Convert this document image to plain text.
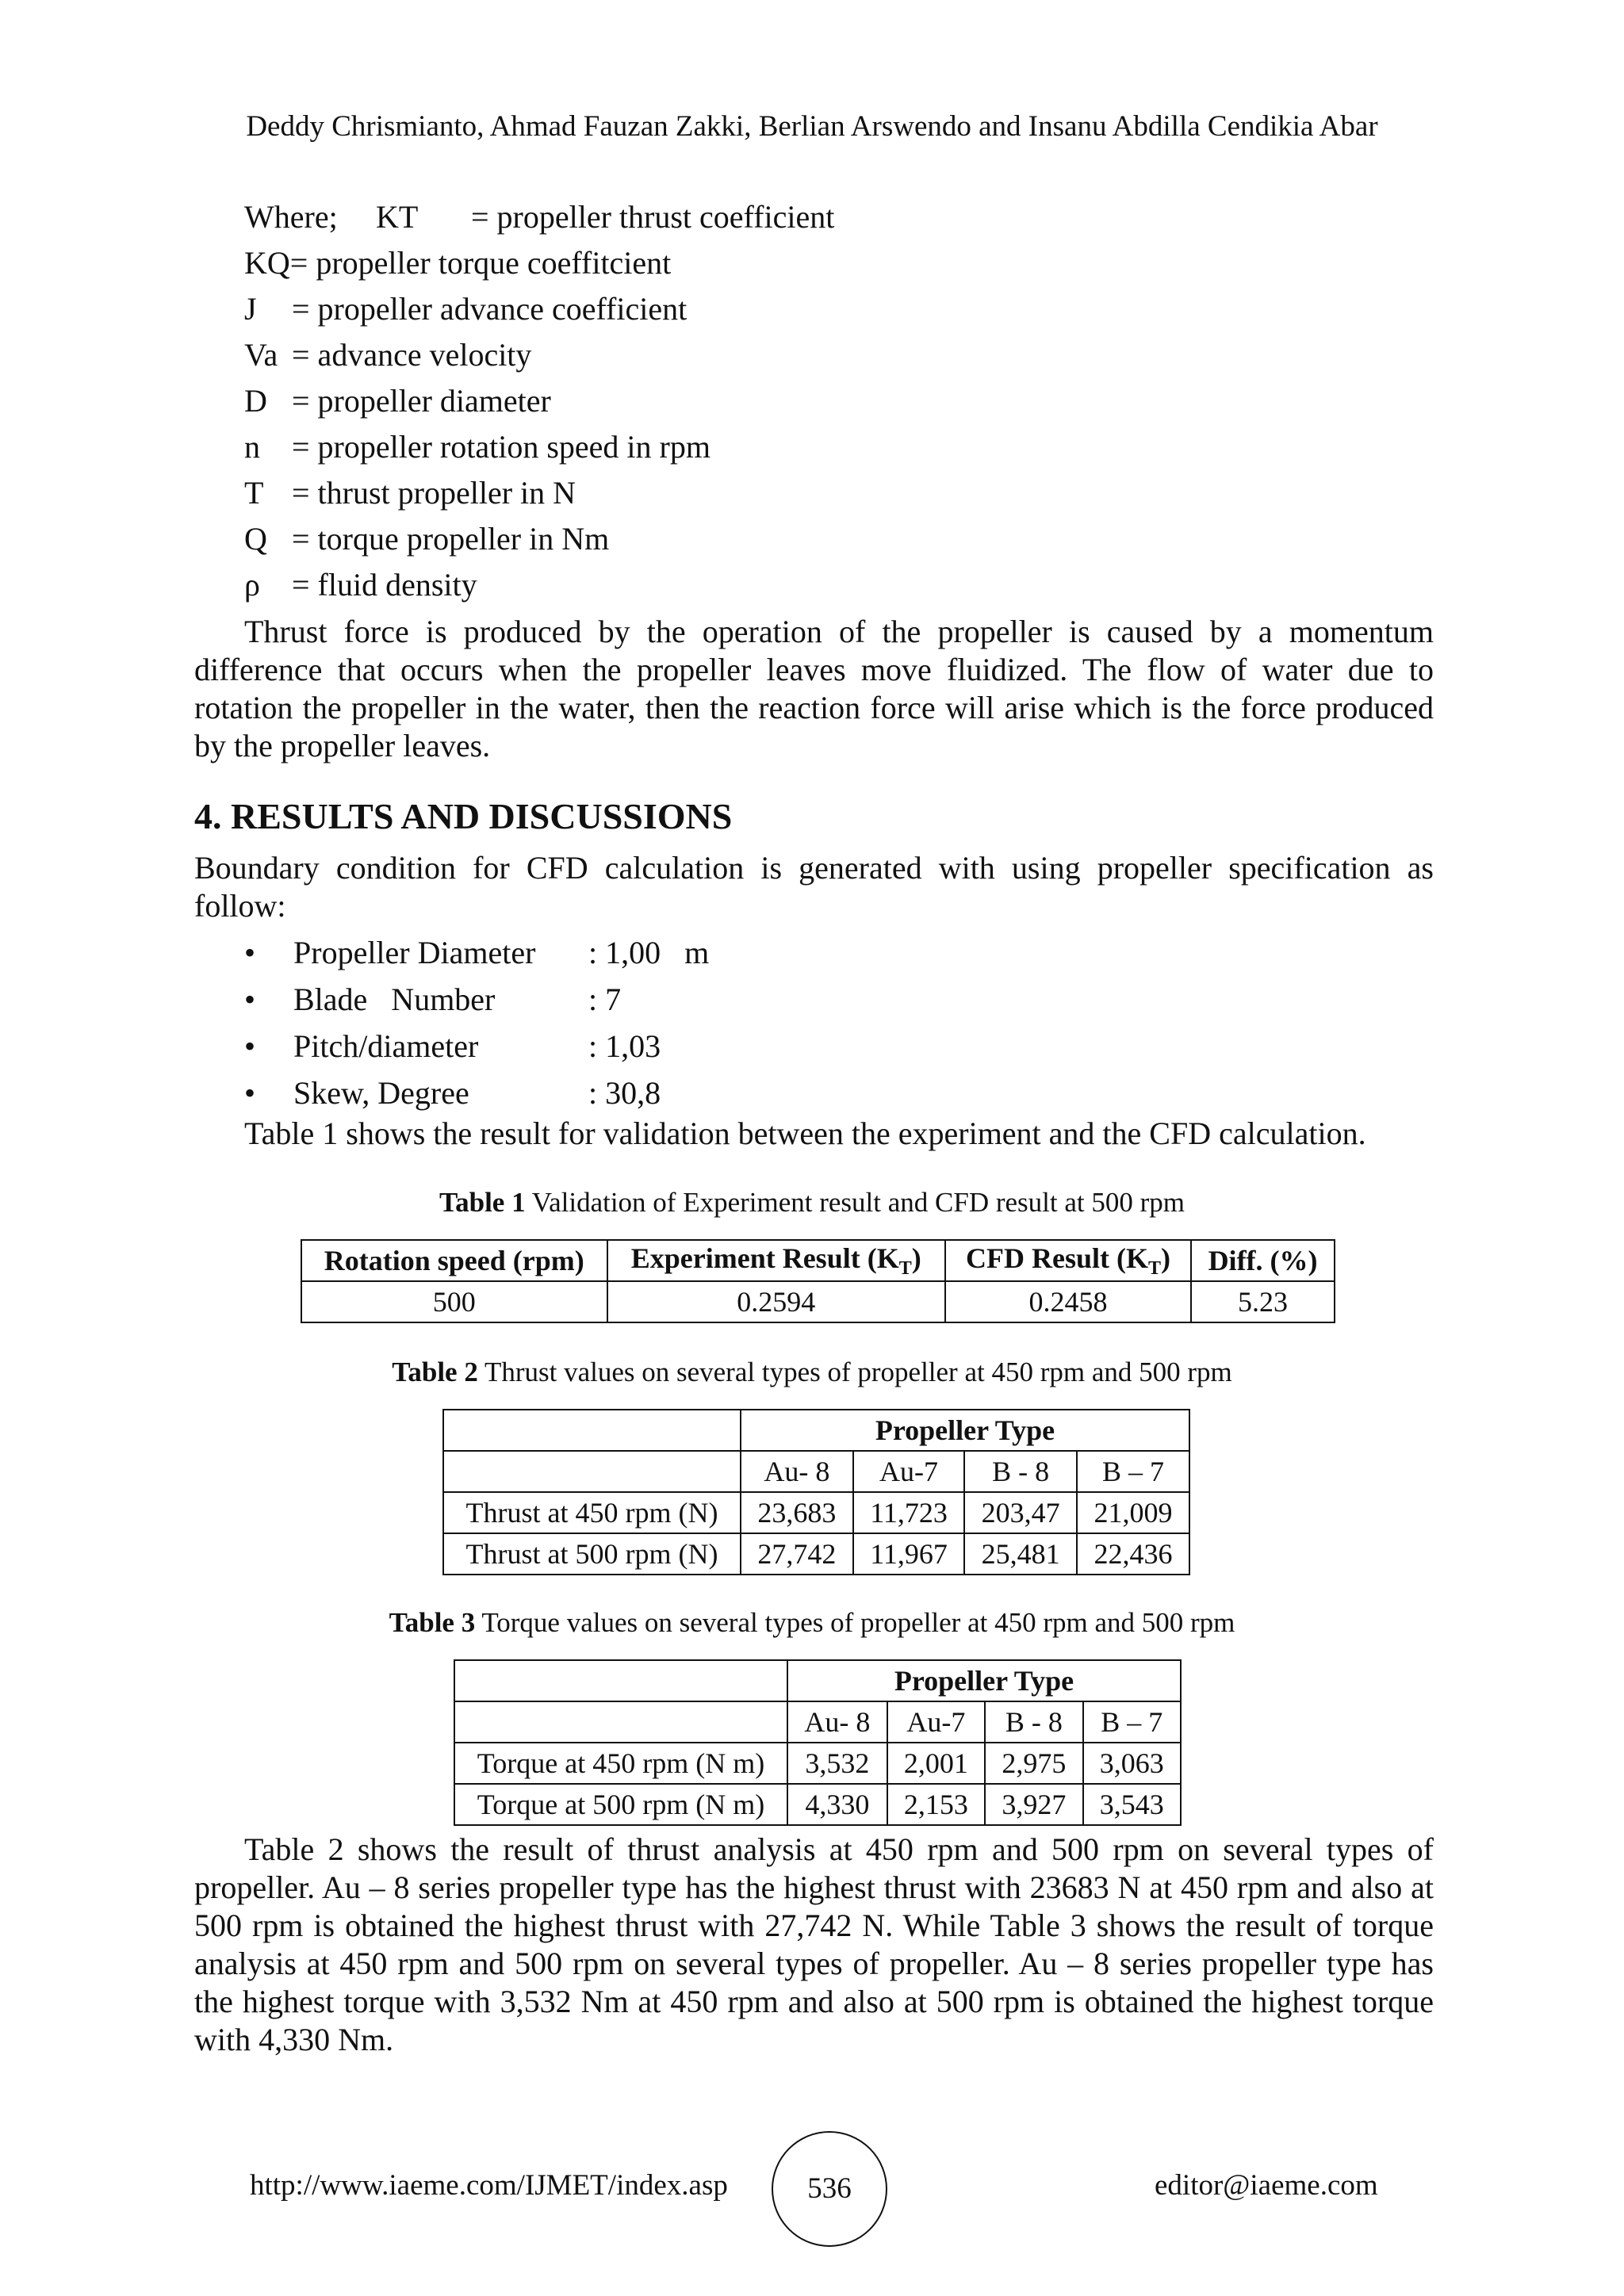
Deddy Chrismianto, Ahmad Fauzan Zakki, Berlian Arswendo and Insanu Abdilla Cendikia Abar
Where; KT = propeller thrust coefficient
KQ= propeller torque coeffitcient
J = propeller advance coefficient
Va = advance velocity
D = propeller diameter
n = propeller rotation speed in rpm
T = thrust propeller in N
Q = torque propeller in Nm
ρ = fluid density
Thrust force is produced by the operation of the propeller is caused by a momentum difference that occurs when the propeller leaves move fluidized. The flow of water due to rotation the propeller in the water, then the reaction force will arise which is the force produced by the propeller leaves.
4. RESULTS AND DISCUSSIONS
Boundary condition for CFD calculation is generated with using propeller specification as follow:
• Propeller Diameter : 1,00   m
• Blade   Number	: 7
• Pitch/diameter	: 1,03
• Skew, Degree	: 30,8
Table 1 shows the result for validation between the experiment and the CFD calculation.
Table 1 Validation of Experiment result and CFD result at 500 rpm
Rotation speed (rpm)	Experiment Result $(K_T)$	CFD Result $(K_T)$	Diff. (%)
500	0.2594	0.2458	5.23
Table 2 Thrust values on several types of propeller at 450 rpm and 500 rpm
	Propeller Type			
	Au- 8	Au-7	B - 8	B – 7
Thrust at 450 rpm (N)	23,683	11,723	203,47	21,009
Thrust at 500 rpm (N)	27,742	11,967	25,481	22,436
Table 3 Torque values on several types of propeller at 450 rpm and 500 rpm
	Propeller Type			
	Au- 8	Au-7	B - 8	B – 7
Torque at 450 rpm (N m)	3,532	2,001	2,975	3,063
Torque at 500 rpm (N m)	4,330	2,153	3,927	3,543
Table 2 shows the result of thrust analysis at 450 rpm and 500 rpm on several types of propeller. Au – 8 series propeller type has the highest thrust with 23683 N at 450 rpm and also at 500 rpm is obtained the highest thrust with 27,742 N. While Table 3 shows the result of torque analysis at 450 rpm and 500 rpm on several types of propeller. Au – 8 series propeller type has the highest torque with 3,532 Nm at 450 rpm and also at 500 rpm is obtained the highest torque with 4,330 Nm.
http://www.iaeme.com/IJMET/index.asp	536	editor@iaeme.com
